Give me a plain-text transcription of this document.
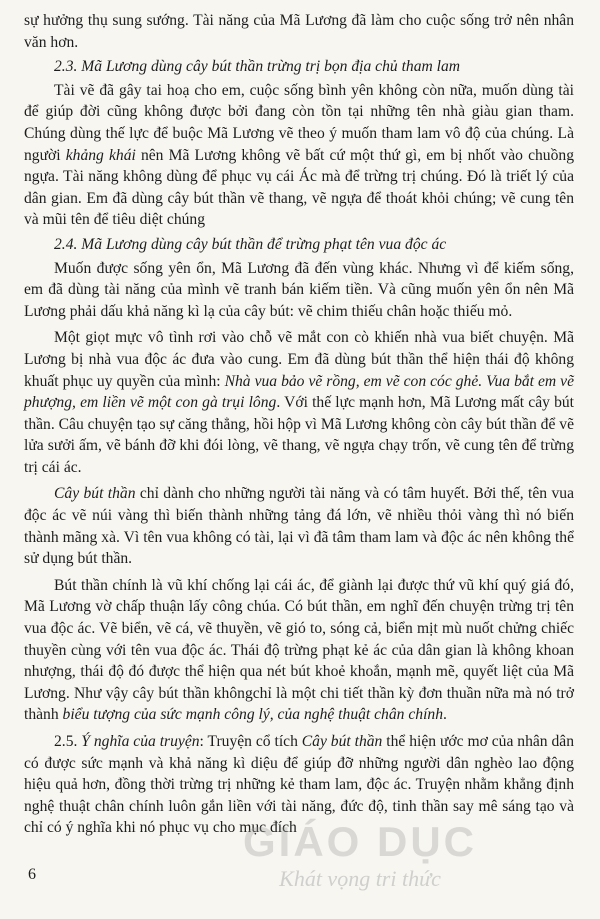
sự hưởng thụ sung sướng. Tài năng của Mã Lương đã làm cho cuộc sống trở nên nhân văn hơn.

2.3. Mã Lương dùng cây bút thần trừng trị bọn địa chủ tham lam

Tài vẽ đã gây tai hoạ cho em, cuộc sống bình yên không còn nữa, muốn dùng tài để giúp đời cũng không được bởi đang còn tồn tại những tên nhà giàu gian tham. Chúng dùng thế lực để buộc Mã Lương vẽ theo ý muốn tham lam vô độ của chúng. Là người khảng khái nên Mã Lương không vẽ bất cứ một thứ gì, em bị nhốt vào chuồng ngựa. Tài năng không dùng để phục vụ cái Ác mà để trừng trị chúng. Đó là triết lý của dân gian. Em đã dùng cây bút thần vẽ thang, vẽ ngựa để thoát khỏi chúng; vẽ cung tên và mũi tên để tiêu diệt chúng

2.4. Mã Lương dùng cây bút thần để trừng phạt tên vua độc ác

Muốn được sống yên ổn, Mã Lương đã đến vùng khác. Nhưng vì để kiếm sống, em đã dùng tài năng của mình vẽ tranh bán kiếm tiền. Và cũng muốn yên ổn nên Mã Lương phải dấu khả năng kì lạ của cây bút: vẽ chim thiếu chân hoặc thiếu mỏ.

Một giọt mực vô tình rơi vào chỗ vẽ mắt con cò khiến nhà vua biết chuyện. Mã Lương bị nhà vua độc ác đưa vào cung. Em đã dùng bút thần thể hiện thái độ không khuất phục uy quyền của mình: Nhà vua bảo vẽ rồng, em vẽ con cóc ghẻ. Vua bắt em vẽ phượng, em liền vẽ một con gà trụi lông. Với thế lực mạnh hơn, Mã Lương mất cây bút thần. Câu chuyện tạo sự căng thẳng, hồi hộp vì Mã Lương không còn cây bút thần để vẽ lửa sưởi ấm, vẽ bánh đỡ khi đói lòng, vẽ thang, vẽ ngựa chạy trốn, vẽ cung tên để trừng trị cái ác.

Cây bút thần chỉ dành cho những người tài năng và có tâm huyết. Bởi thế, tên vua độc ác vẽ núi vàng thì biến thành những tảng đá lớn, vẽ nhiều thỏi vàng thì nó biến thành mãng xà. Vì tên vua không có tài, lại vì đã tâm tham lam và độc ác nên không thể sử dụng bút thần.

Bút thần chính là vũ khí chống lại cái ác, để giành lại được thứ vũ khí quý giá đó, Mã Lương vờ chấp thuận lấy công chúa. Có bút thần, em nghĩ đến chuyện trừng trị tên vua độc ác. Vẽ biển, vẽ cá, vẽ thuyền, vẽ gió to, sóng cả, biển mịt mù nuốt chửng chiếc thuyền cùng với tên vua độc ác. Thái độ trừng phạt kẻ ác của dân gian là không khoan nhượng, thái độ đó được thể hiện qua nét bút khoẻ khoắn, mạnh mẽ, quyết liệt của Mã Lương. Như vậy cây bút thần khôngchỉ là một chi tiết thần kỳ đơn thuần nữa mà nó trở thành biểu tượng của sức mạnh công lý, của nghệ thuật chân chính.

2.5. Ý nghĩa của truyện: Truyện cổ tích Cây bút thần thể hiện ước mơ của nhân dân có được sức mạnh và khả năng kì diệu để giúp đỡ những người dân nghèo lao động hiệu quả hơn, đồng thời trừng trị những kẻ tham lam, độc ác. Truyện nhằm khẳng định nghệ thuật chân chính luôn gắn liền với tài năng, đức độ, tinh thần say mê sáng tạo và chỉ có ý nghĩa khi nó phục vụ cho mục đích

6
GIÁO DỤC
Khát vọng tri thức
